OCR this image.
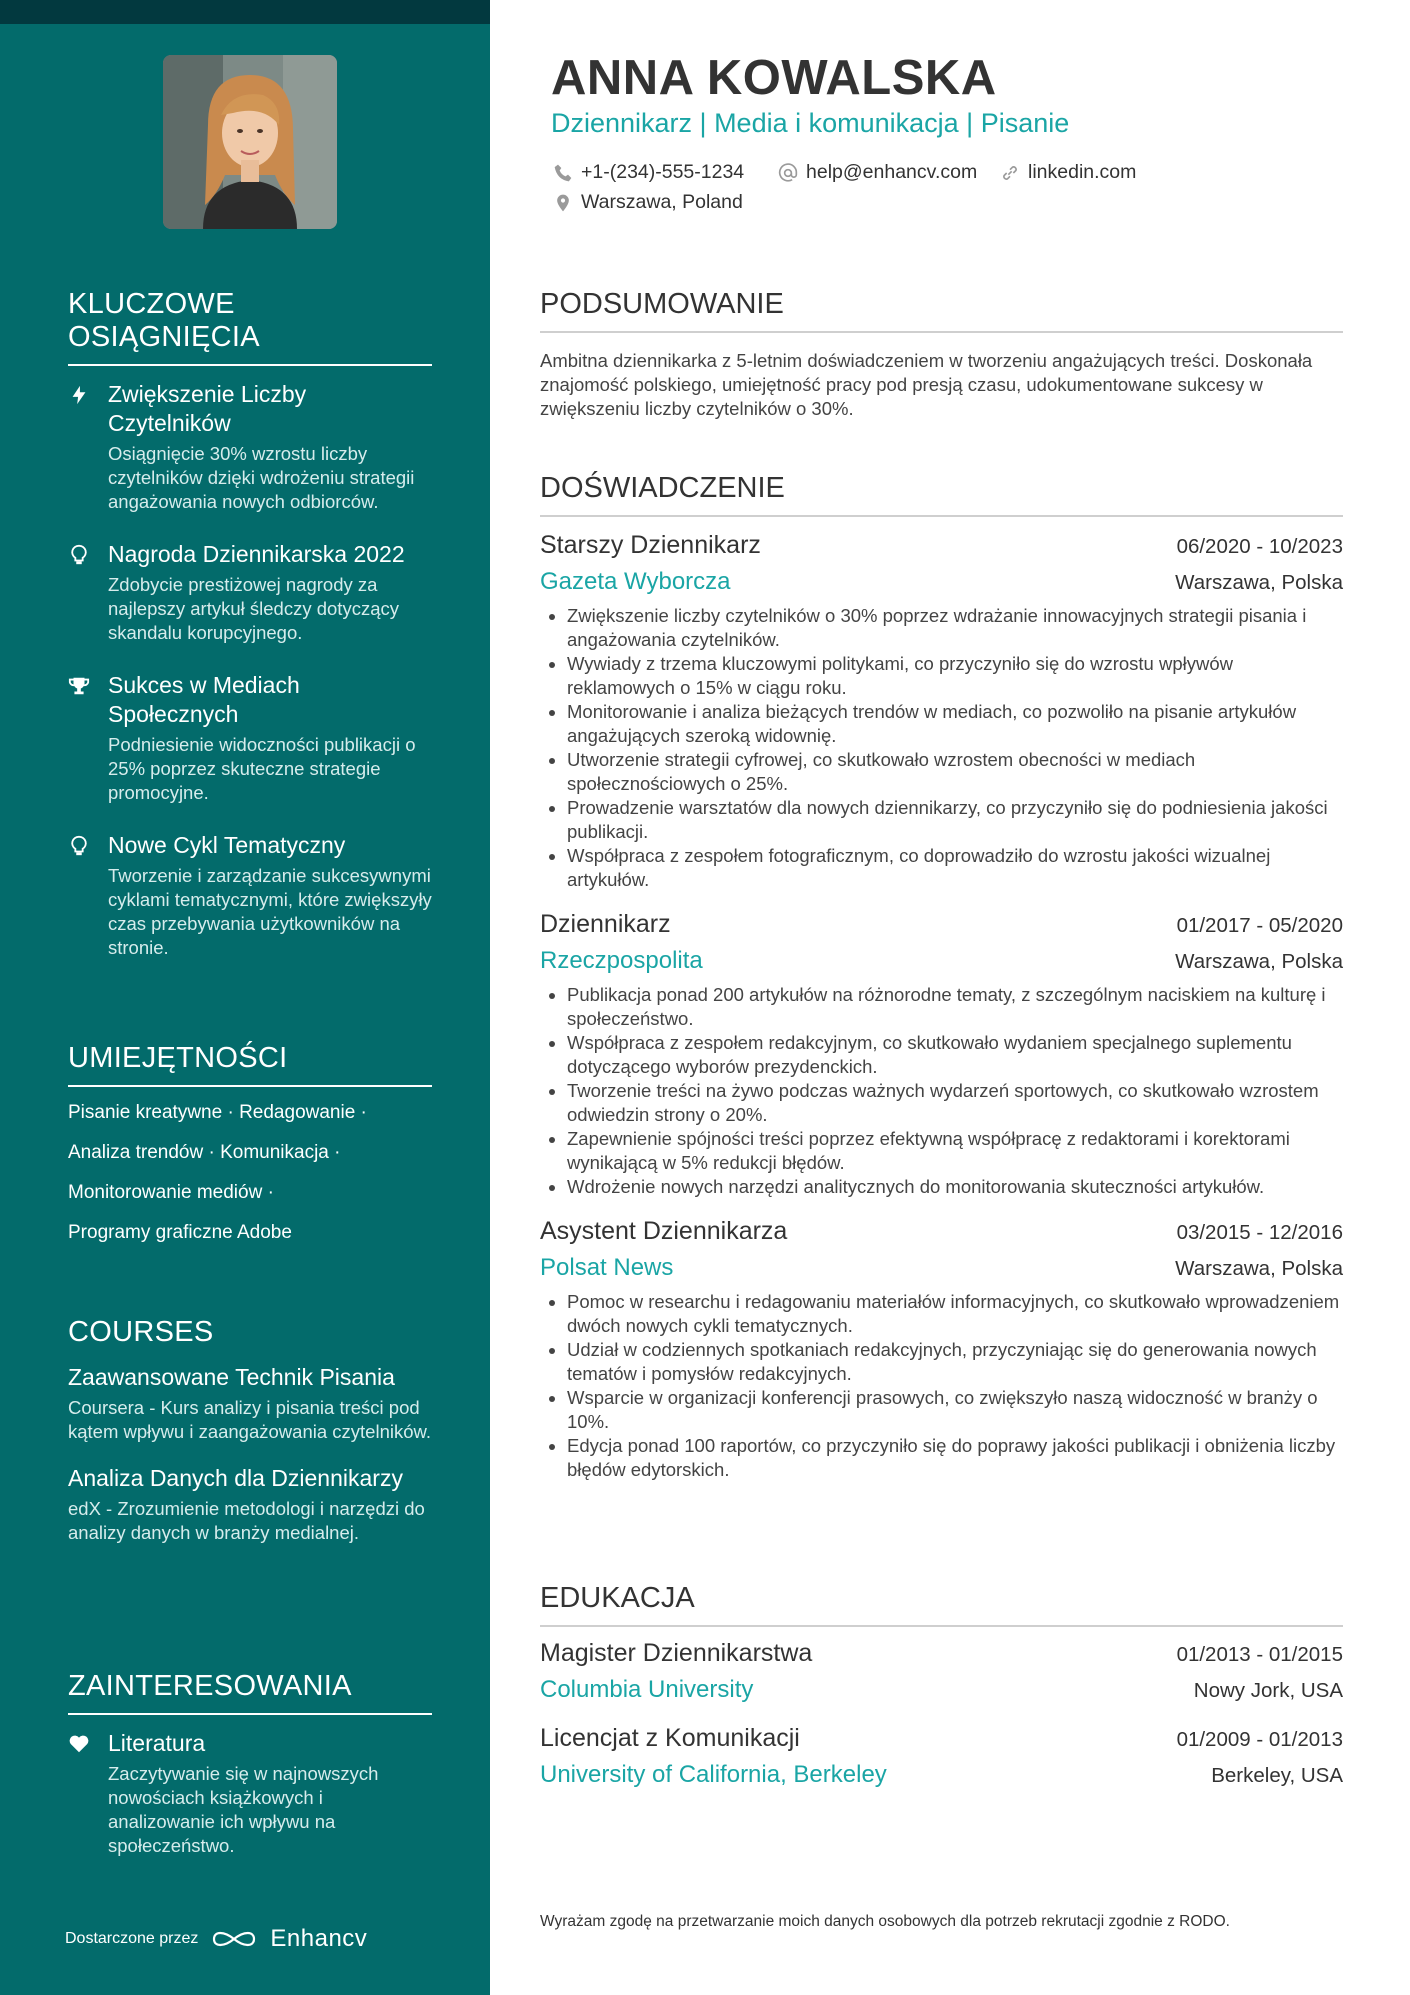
KLUCZOWE OSIĄGNIĘCIA
Zwiększenie Liczby Czytelników
Osiągnięcie 30% wzrostu liczby czytelników dzięki wdrożeniu strategii angażowania nowych odbiorców.
Nagroda Dziennikarska 2022
Zdobycie prestiżowej nagrody za najlepszy artykuł śledczy dotyczący skandalu korupcyjnego.
Sukces w Mediach Społecznych
Podniesienie widoczności publikacji o 25% poprzez skuteczne strategie promocyjne.
Nowe Cykl Tematyczny
Tworzenie i zarządzanie sukcesywnymi cyklami tematycznymi, które zwiększyły czas przebywania użytkowników na stronie.
UMIEJĘTNOŚCI
Pisanie kreatywne · Redagowanie ·
Analiza trendów · Komunikacja ·
Monitorowanie mediów ·
Programy graficzne Adobe
COURSES
Zaawansowane Technik Pisania
Coursera - Kurs analizy i pisania treści pod kątem wpływu i zaangażowania czytelników.
Analiza Danych dla Dziennikarzy
edX - Zrozumienie metodologi i narzędzi do analizy danych w branży medialnej.
ZAINTERESOWANIA
Literatura
Zaczytywanie się w najnowszych nowościach książkowych i analizowanie ich wpływu na społeczeństwo.
Dostarczone przez	Enhancv
ANNA KOWALSKA
Dziennikarz | Media i komunikacja | Pisanie
+1-(234)-555-1234	help@enhancv.com	linkedin.com
Warszawa, Poland
PODSUMOWANIE
Ambitna dziennikarka z 5-letnim doświadczeniem w tworzeniu angażujących treści. Doskonała znajomość polskiego, umiejętność pracy pod presją czasu, udokumentowane sukcesy w zwiększeniu liczby czytelników o 30%.
DOŚWIADCZENIE
Starszy Dziennikarz	06/2020 - 10/2023
Gazeta Wyborcza	Warszawa, Polska
• Zwiększenie liczby czytelników o 30% poprzez wdrażanie innowacyjnych strategii pisania i angażowania czytelników.
• Wywiady z trzema kluczowymi politykami, co przyczyniło się do wzrostu wpływów reklamowych o 15% w ciągu roku.
• Monitorowanie i analiza bieżących trendów w mediach, co pozwoliło na pisanie artykułów angażujących szeroką widownię.
• Utworzenie strategii cyfrowej, co skutkowało wzrostem obecności w mediach społecznościowych o 25%.
• Prowadzenie warsztatów dla nowych dziennikarzy, co przyczyniło się do podniesienia jakości publikacji.
• Współpraca z zespołem fotograficznym, co doprowadziło do wzrostu jakości wizualnej artykułów.
Dziennikarz	01/2017 - 05/2020
Rzeczpospolita	Warszawa, Polska
• Publikacja ponad 200 artykułów na różnorodne tematy, z szczególnym naciskiem na kulturę i społeczeństwo.
• Współpraca z zespołem redakcyjnym, co skutkowało wydaniem specjalnego suplementu dotyczącego wyborów prezydenckich.
• Tworzenie treści na żywo podczas ważnych wydarzeń sportowych, co skutkowało wzrostem odwiedzin strony o 20%.
• Zapewnienie spójności treści poprzez efektywną współpracę z redaktorami i korektorami wynikającą w 5% redukcji błędów.
• Wdrożenie nowych narzędzi analitycznych do monitorowania skuteczności artykułów.
Asystent Dziennikarza	03/2015 - 12/2016
Polsat News	Warszawa, Polska
• Pomoc w researchu i redagowaniu materiałów informacyjnych, co skutkowało wprowadzeniem dwóch nowych cykli tematycznych.
• Udział w codziennych spotkaniach redakcyjnych, przyczyniając się do generowania nowych tematów i pomysłów redakcyjnych.
• Wsparcie w organizacji konferencji prasowych, co zwiększyło naszą widoczność w branży o 10%.
• Edycja ponad 100 raportów, co przyczyniło się do poprawy jakości publikacji i obniżenia liczby błędów edytorskich.
EDUKACJA
Magister Dziennikarstwa	01/2013 - 01/2015
Columbia University	Nowy Jork, USA
Licencjat z Komunikacji	01/2009 - 01/2013
University of California, Berkeley	Berkeley, USA
Wyrażam zgodę na przetwarzanie moich danych osobowych dla potrzeb rekrutacji zgodnie z RODO.
